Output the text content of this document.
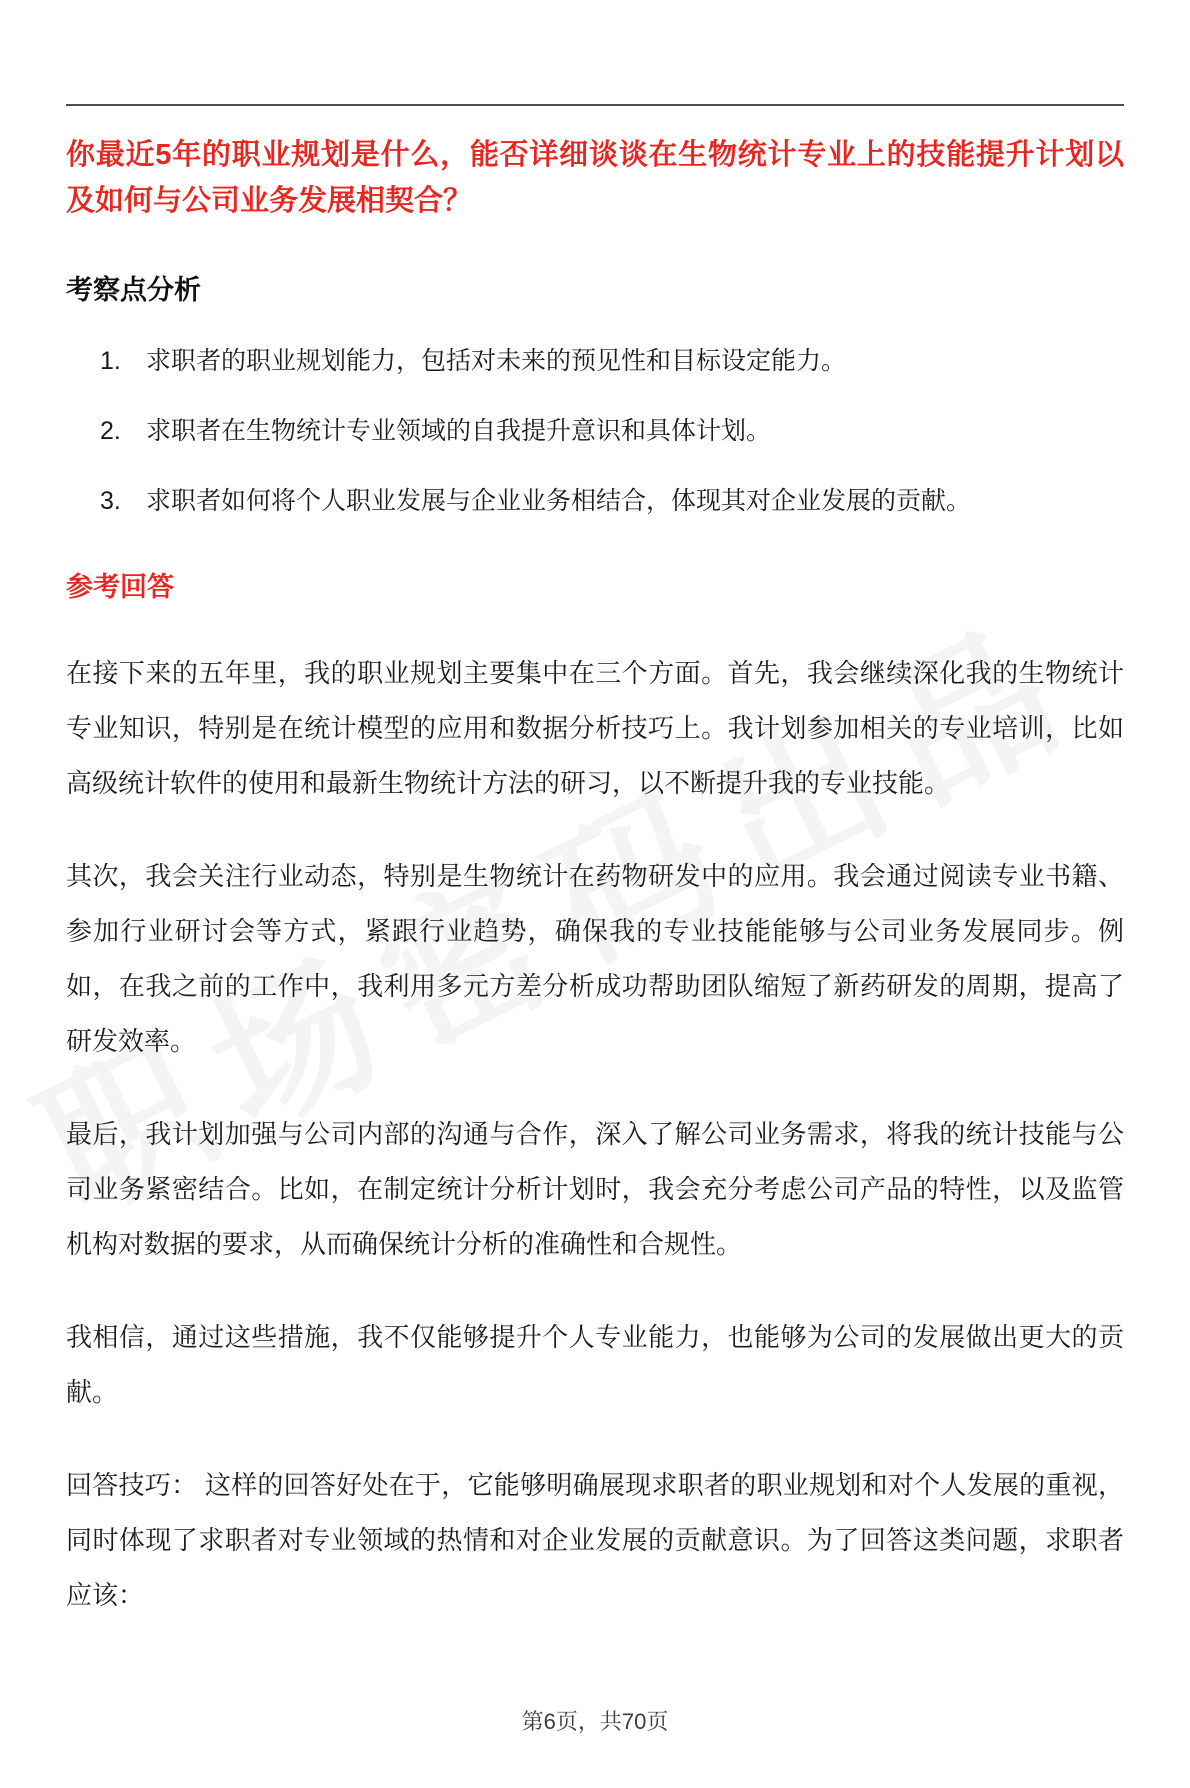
你最近5年的职业规划是什么，能否详细谈谈在生物统计专业上的技能提升计划以及如何与公司业务发展相契合？
考察点分析
1.	求职者的职业规划能力，包括对未来的预见性和目标设定能力。
2.	求职者在生物统计专业领域的自我提升意识和具体计划。
3.	求职者如何将个人职业发展与企业业务相结合，体现其对企业发展的贡献。
参考回答
在接下来的五年里，我的职业规划主要集中在三个方面。首先，我会继续深化我的生物统计专业知识，特别是在统计模型的应用和数据分析技巧上。我计划参加相关的专业培训，比如高级统计软件的使用和最新生物统计方法的研习，以不断提升我的专业技能。
其次，我会关注行业动态，特别是生物统计在药物研发中的应用。我会通过阅读专业书籍、参加行业研讨会等方式，紧跟行业趋势，确保我的专业技能能够与公司业务发展同步。例如，在我之前的工作中，我利用多元方差分析成功帮助团队缩短了新药研发的周期，提高了研发效率。
最后，我计划加强与公司内部的沟通与合作，深入了解公司业务需求，将我的统计技能与公司业务紧密结合。比如，在制定统计分析计划时，我会充分考虑公司产品的特性，以及监管机构对数据的要求，从而确保统计分析的准确性和合规性。
我相信，通过这些措施，我不仅能够提升个人专业能力，也能够为公司的发展做出更大的贡献。
回答技巧： 这样的回答好处在于，它能够明确展现求职者的职业规划和对个人发展的重视，同时体现了求职者对专业领域的热情和对企业发展的贡献意识。为了回答这类问题，求职者应该：
第6页，共70页
